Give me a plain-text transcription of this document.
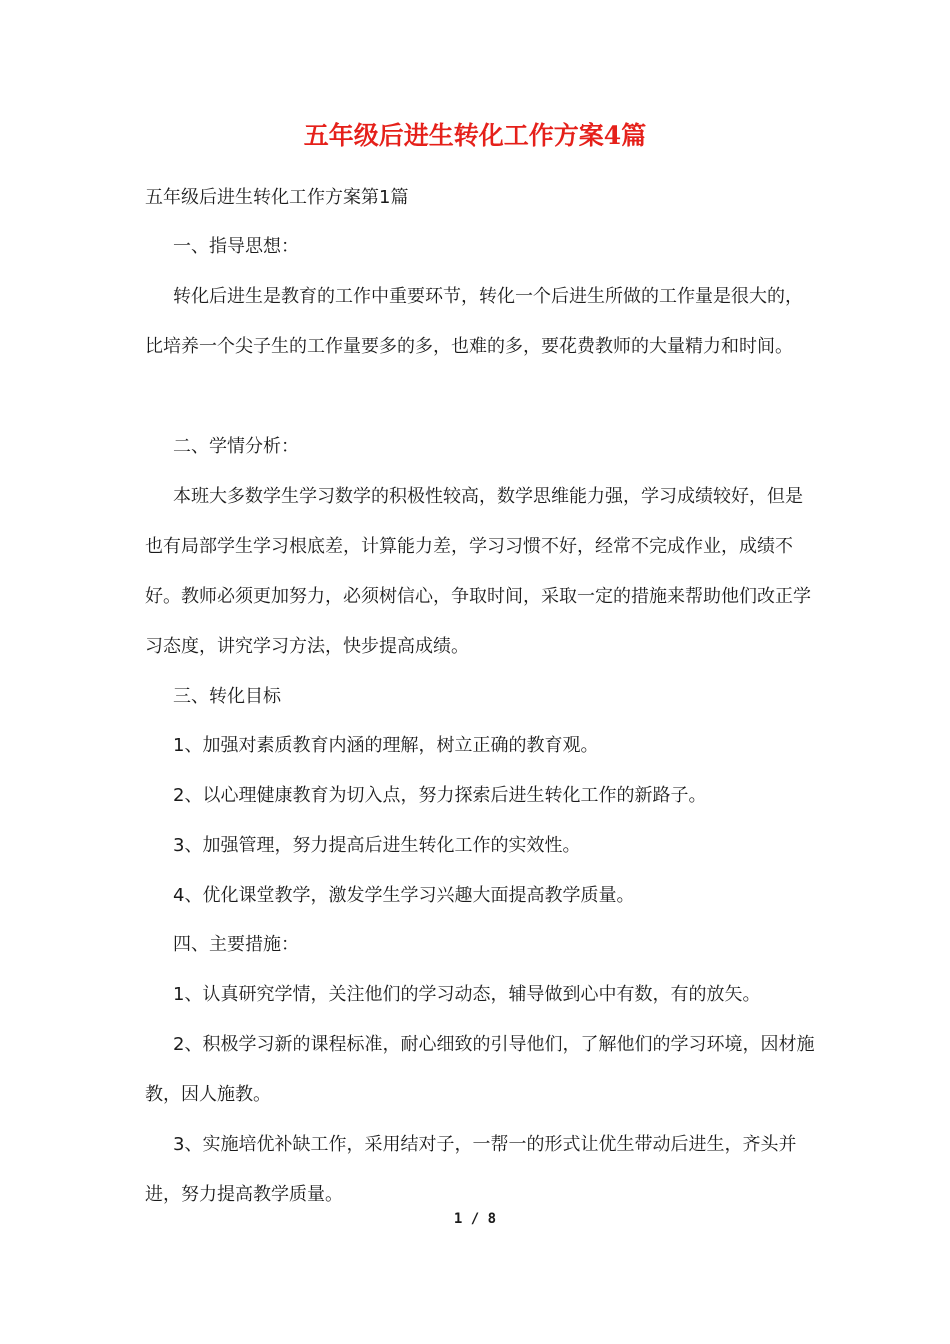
五年级后进生转化工作方案4篇

五年级后进生转化工作方案第1篇

一、指导思想：

转化后进生是教育的工作中重要环节，转化一个后进生所做的工作量是很大的，比培养一个尖子生的工作量要多的多，也难的多，要花费教师的大量精力和时间。

二、学情分析：

本班大多数学生学习数学的积极性较高，数学思维能力强，学习成绩较好，但是也有局部学生学习根底差，计算能力差，学习习惯不好，经常不完成作业，成绩不好。教师必须更加努力，必须树信心，争取时间，采取一定的措施来帮助他们改正学习态度，讲究学习方法，快步提高成绩。

三、转化目标

1、加强对素质教育内涵的理解，树立正确的教育观。

2、以心理健康教育为切入点，努力探索后进生转化工作的新路子。

3、加强管理，努力提高后进生转化工作的实效性。

4、优化课堂教学，激发学生学习兴趣大面提高教学质量。

四、主要措施：

1、认真研究学情，关注他们的学习动态，辅导做到心中有数，有的放矢。

2、积极学习新的课程标准，耐心细致的引导他们，了解他们的学习环境，因材施教，因人施教。

3、实施培优补缺工作，采用结对子，一帮一的形式让优生带动后进生，齐头并进，努力提高教学质量。

1 / 8
